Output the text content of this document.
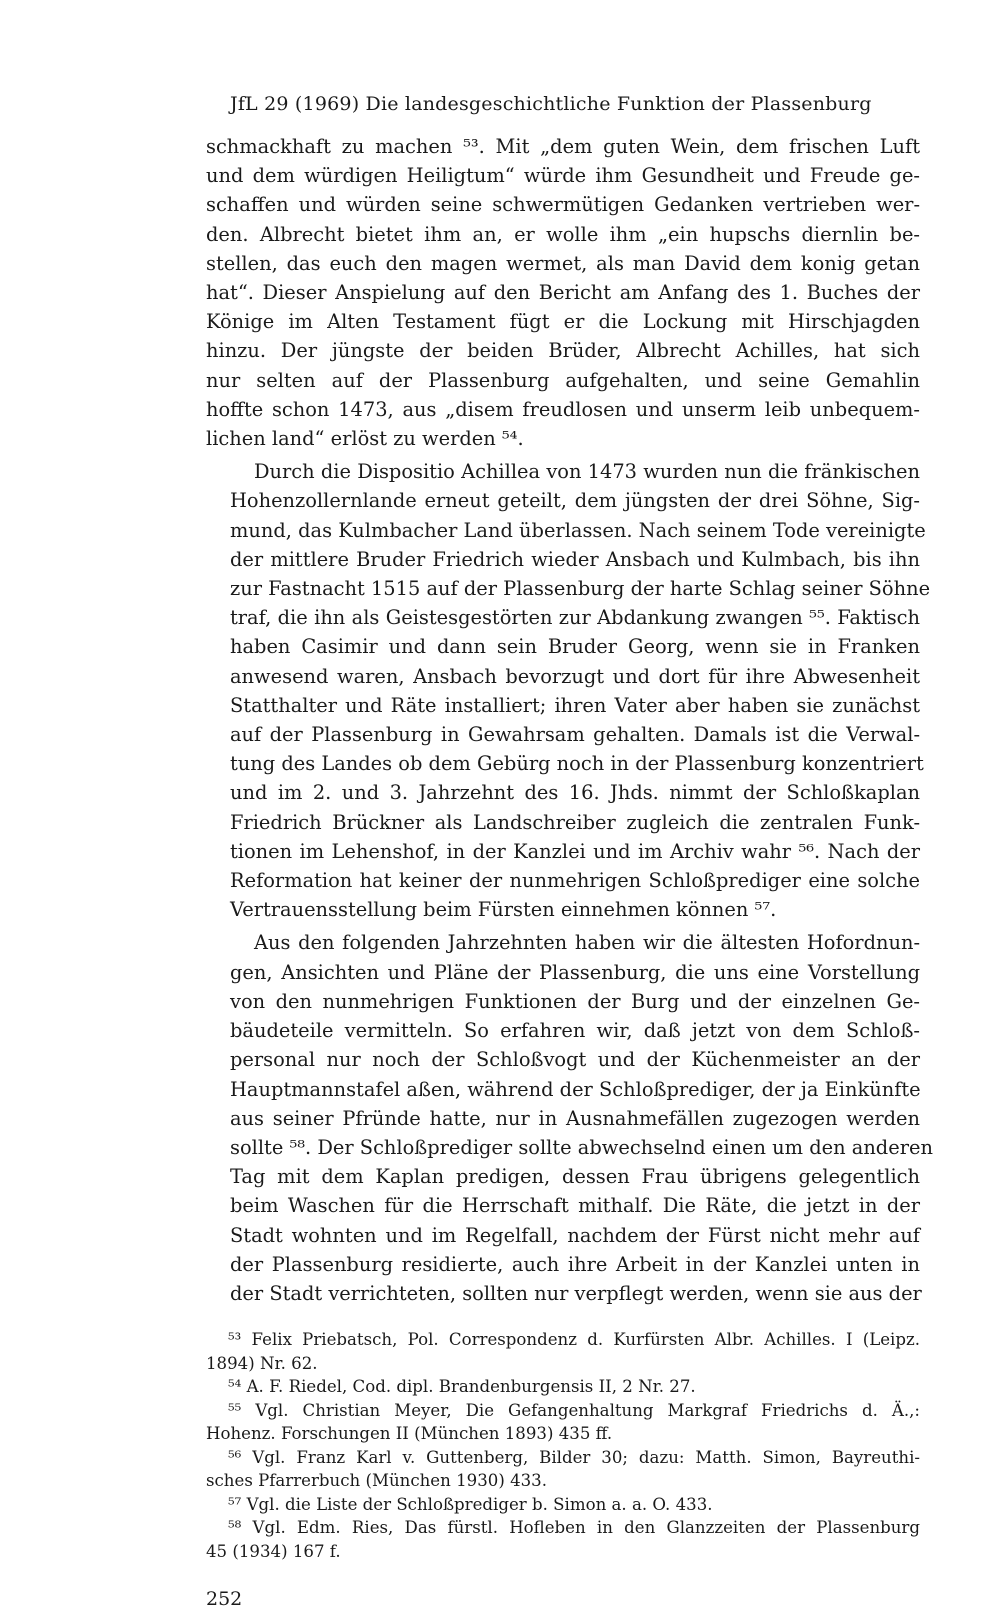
JfL 29 (1969) Die landesgeschichtliche Funktion der Plassenburg

schmackhaft zu machen ⁵³. Mit „dem guten Wein, dem frischen Luft
und dem würdigen Heiligtum“ würde ihm Gesundheit und Freude ge-
schaffen und würden seine schwermütigen Gedanken vertrieben wer-
den. Albrecht bietet ihm an, er wolle ihm „ein hupschs diernlin be-
stellen, das euch den magen wermet, als man David dem konig getan
hat“. Dieser Anspielung auf den Bericht am Anfang des 1. Buches der
Könige im Alten Testament fügt er die Lockung mit Hirschjagden
hinzu. Der jüngste der beiden Brüder, Albrecht Achilles, hat sich
nur selten auf der Plassenburg aufgehalten, und seine Gemahlin
hoffte schon 1473, aus „disem freudlosen und unserm leib unbequem-
lichen land“ erlöst zu werden ⁵⁴.

Durch die Dispositio Achillea von 1473 wurden nun die fränkischen
Hohenzollernlande erneut geteilt, dem jüngsten der drei Söhne, Sig-
mund, das Kulmbacher Land überlassen. Nach seinem Tode vereinigte
der mittlere Bruder Friedrich wieder Ansbach und Kulmbach, bis ihn
zur Fastnacht 1515 auf der Plassenburg der harte Schlag seiner Söhne
traf, die ihn als Geistesgestörten zur Abdankung zwangen ⁵⁵. Faktisch
haben Casimir und dann sein Bruder Georg, wenn sie in Franken
anwesend waren, Ansbach bevorzugt und dort für ihre Abwesenheit
Statthalter und Räte installiert; ihren Vater aber haben sie zunächst
auf der Plassenburg in Gewahrsam gehalten. Damals ist die Verwal-
tung des Landes ob dem Gebürg noch in der Plassenburg konzentriert
und im 2. und 3. Jahrzehnt des 16. Jhds. nimmt der Schloßkaplan
Friedrich Brückner als Landschreiber zugleich die zentralen Funk-
tionen im Lehenshof, in der Kanzlei und im Archiv wahr ⁵⁶. Nach der
Reformation hat keiner der nunmehrigen Schloßprediger eine solche
Vertrauensstellung beim Fürsten einnehmen können ⁵⁷.

Aus den folgenden Jahrzehnten haben wir die ältesten Hofordnun-
gen, Ansichten und Pläne der Plassenburg, die uns eine Vorstellung
von den nunmehrigen Funktionen der Burg und der einzelnen Ge-
bäudeteile vermitteln. So erfahren wir, daß jetzt von dem Schloß-
personal nur noch der Schloßvogt und der Küchenmeister an der
Hauptmannstafel aßen, während der Schloßprediger, der ja Einkünfte
aus seiner Pfründe hatte, nur in Ausnahmefällen zugezogen werden
sollte ⁵⁸. Der Schloßprediger sollte abwechselnd einen um den anderen
Tag mit dem Kaplan predigen, dessen Frau übrigens gelegentlich
beim Waschen für die Herrschaft mithalf. Die Räte, die jetzt in der
Stadt wohnten und im Regelfall, nachdem der Fürst nicht mehr auf
der Plassenburg residierte, auch ihre Arbeit in der Kanzlei unten in
der Stadt verrichteten, sollten nur verpflegt werden, wenn sie aus der

⁵³ Felix Priebatsch, Pol. Correspondenz d. Kurfürsten Albr. Achilles. I (Leipz.
1894) Nr. 62.
⁵⁴ A. F. Riedel, Cod. dipl. Brandenburgensis II, 2 Nr. 27.
⁵⁵ Vgl. Christian Meyer, Die Gefangenhaltung Markgraf Friedrichs d. Ä.,:
Hohenz. Forschungen II (München 1893) 435 ff.
⁵⁶ Vgl. Franz Karl v. Guttenberg, Bilder 30; dazu: Matth. Simon, Bayreuthi-
sches Pfarrerbuch (München 1930) 433.
⁵⁷ Vgl. die Liste der Schloßprediger b. Simon a. a. O. 433.
⁵⁸ Vgl. Edm. Ries, Das fürstl. Hofleben in den Glanzzeiten der Plassenburg
45 (1934) 167 f.
252
